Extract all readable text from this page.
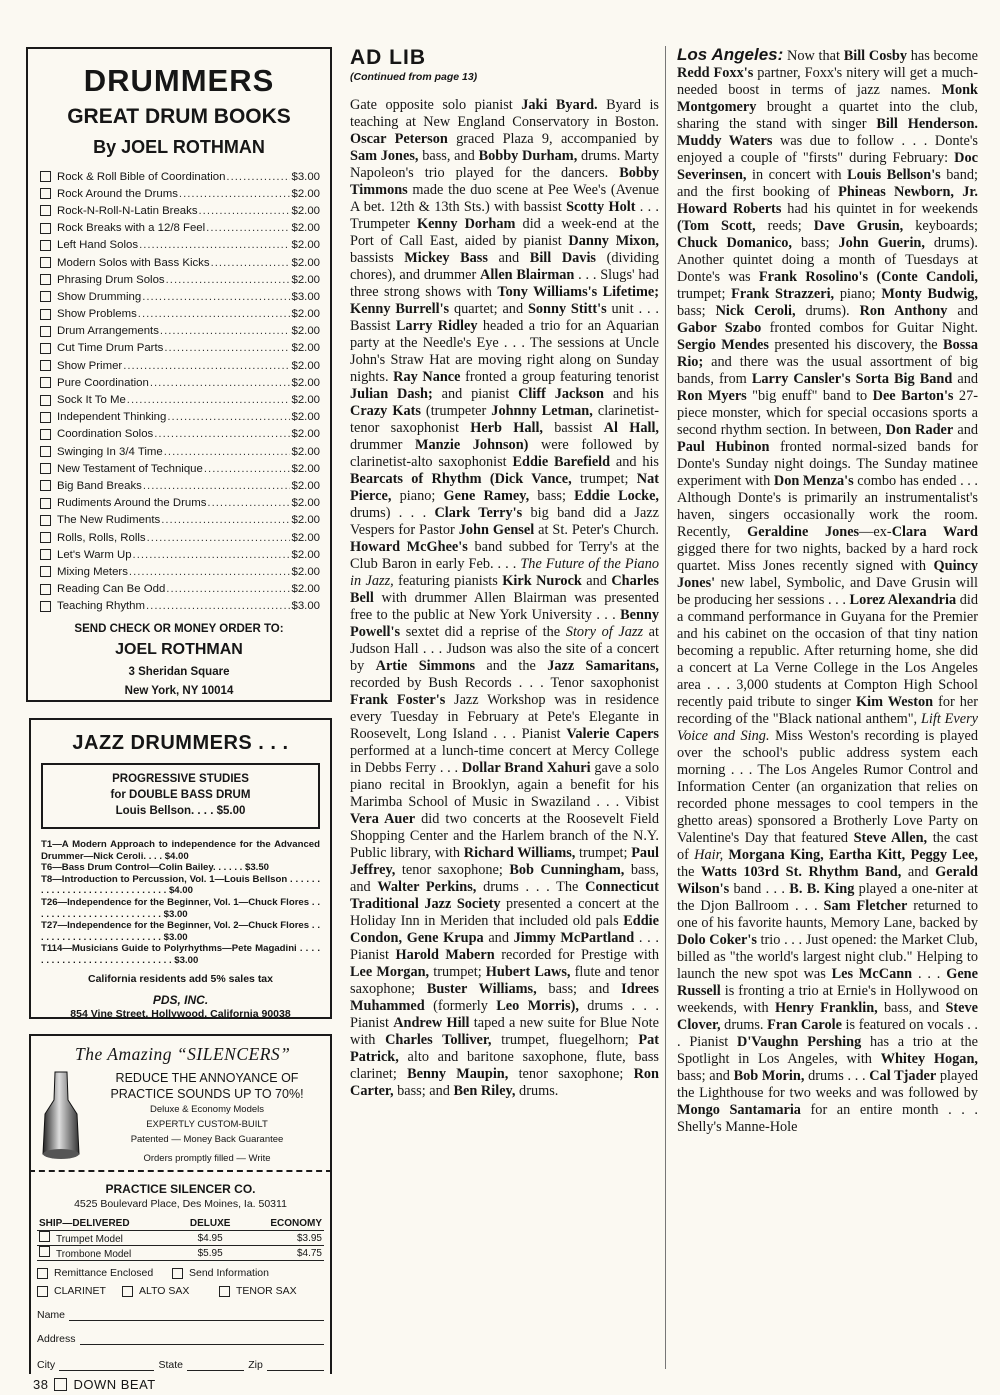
DRUMMERS
GREAT DRUM BOOKS
By JOEL ROTHMAN
Rock & Roll Bible of Coordination .....	$3.00
Rock Around the Drums .....	$2.00
Rock-N-Roll-N-Latin Breaks .....	$2.00
Rock Breaks with a 12/8 Feel .....	$2.00
Left Hand Solos .....	$2.00
Modern Solos with Bass Kicks .....	$2.00
Phrasing Drum Solos .....	$2.00
Show Drumming .....	$3.00
Show Problems .....	$2.00
Drum Arrangements .....	$2.00
Cut Time Drum Parts .....	$2.00
Show Primer .....	$2.00
Pure Coordination .....	$2.00
Sock It To Me .....	$2.00
Independent Thinking .....	$2.00
Coordination Solos .....	$2.00
Swinging In 3/4 Time .....	$2.00
New Testament of Technique .....	$2.00
Big Band Breaks .....	$2.00
Rudiments Around the Drums .....	$2.00
The New Rudiments .....	$2.00
Rolls, Rolls, Rolls .....	$2.00
Let's Warm Up .....	$2.00
Mixing Meters .....	$2.00
Reading Can Be Odd .....	$2.00
Teaching Rhythm .....	$3.00
SEND CHECK OR MONEY ORDER TO:
JOEL ROTHMAN
3 Sheridan Square
New York, NY 10014
JAZZ DRUMMERS . . .
PROGRESSIVE STUDIES
for DOUBLE BASS DRUM
Louis Bellson. . . . $5.00
T1—A Modern Approach to independence for the Advanced Drummer—Nick Ceroli. . . . $4.00
T6—Bass Drum Control—Colin Bailey. . . . . . $3.50
T8—Introduction to Percussion, Vol. 1—Louis Bellson . . . . . . . . . . . . . . . . . . . . . . . . . . . . . . $4.00
T26—Independence for the Beginner, Vol. 1—Chuck Flores . . . . . . . . . . . . . . . . . . . . . . . . . $3.00
T27—Independence for the Beginner, Vol. 2—Chuck Flores . . . . . . . . . . . . . . . . . . . . . . . . . $3.00
T114—Musicians Guide to Polyrhythms—Pete Magadini . . . . . . . . . . . . . . . . . . . . . . . . . . . . . $3.00
California residents add 5% sales tax
PDS, INC.
854 Vine Street, Hollywood, California 90038
The Amazing “SILENCERS”
REDUCE THE ANNOYANCE OF
PRACTICE SOUNDS UP TO 70%!
Deluxe & Economy Models
EXPERTLY CUSTOM-BUILT
Patented — Money Back Guarantee
Orders promptly filled — Write
PRACTICE SILENCER CO.
4525 Boulevard Place, Des Moines, Ia. 50311
SHIP—DELIVERED	DELUXE	ECONOMY
Trumpet Model	$4.95	$3.95
Trombone Model	$5.95	$4.75
Remittance Enclosed	Send Information
CLARINET	ALTO SAX	TENOR SAX
Name
Address
City	State	Zip
AD LIB
(Continued from page 13)
Gate opposite solo pianist Jaki Byard. Byard is teaching at New England Conservatory in Boston. Oscar Peterson graced Plaza 9, accompanied by Sam Jones, bass, and Bobby Durham, drums. Marty Napoleon's trio played for the dancers. Bobby Timmons made the duo scene at Pee Wee's (Avenue A bet. 12th & 13th Sts.) with bassist Scotty Holt . . . Trumpeter Kenny Dorham did a week-end at the Port of Call East, aided by pianist Danny Mixon, bassists Mickey Bass and Bill Davis (dividing chores), and drummer Allen Blairman . . . Slugs' had three strong shows with Tony Williams's Lifetime; Kenny Burrell's quartet; and Sonny Stitt's unit . . . Bassist Larry Ridley headed a trio for an Aquarian party at the Needle's Eye . . . The sessions at Uncle John's Straw Hat are moving right along on Sunday nights. Ray Nance fronted a group featuring tenorist Julian Dash; and pianist Cliff Jackson and his Crazy Kats (trumpeter Johnny Letman, clarinetist-tenor saxophonist Herb Hall, bassist Al Hall, drummer Manzie Johnson) were followed by clarinetist-alto saxophonist Eddie Barefield and his Bearcats of Rhythm (Dick Vance, trumpet; Nat Pierce, piano; Gene Ramey, bass; Eddie Locke, drums) . . . Clark Terry's big band did a Jazz Vespers for Pastor John Gensel at St. Peter's Church. Howard McGhee's band subbed for Terry's at the Club Baron in early Feb. . . . The Future of the Piano in Jazz, featuring pianists Kirk Nurock and Charles Bell with drummer Allen Blairman was presented free to the public at New York University . . . Benny Powell's sextet did a reprise of the Story of Jazz at Judson Hall . . . Judson was also the site of a concert by Artie Simmons and the Jazz Samaritans, recorded by Bush Records . . . Tenor saxophonist Frank Foster's Jazz Workshop was in residence every Tuesday in February at Pete's Elegante in Roosevelt, Long Island . . . Pianist Valerie Capers performed at a lunch-time concert at Mercy College in Debbs Ferry . . . Dollar Brand Xahuri gave a solo piano recital in Brooklyn, again a benefit for his Marimba School of Music in Swaziland . . . Vibist Vera Auer did two concerts at the Roosevelt Field Shopping Center and the Harlem branch of the N.Y. Public library, with Richard Williams, trumpet; Paul Jeffrey, tenor saxophone; Bob Cunningham, bass, and Walter Perkins, drums . . . The Connecticut Traditional Jazz Society presented a concert at the Holiday Inn in Meriden that included old pals Eddie Condon, Gene Krupa and Jimmy McPartland . . . Pianist Harold Mabern recorded for Prestige with Lee Morgan, trumpet; Hubert Laws, flute and tenor saxophone; Buster Williams, bass; and Idrees Muhammed (formerly Leo Morris), drums . . . Pianist Andrew Hill taped a new suite for Blue Note with Charles Tolliver, trumpet, fluegelhorn; Pat Patrick, alto and baritone saxophone, flute, bass clarinet; Benny Maupin, tenor saxophone; Ron Carter, bass; and Ben Riley, drums.
Los Angeles: Now that Bill Cosby has become Redd Foxx's partner, Foxx's nitery will get a much-needed boost in terms of jazz names. Monk Montgomery brought a quartet into the club, sharing the stand with singer Bill Henderson. Muddy Waters was due to follow . . . Donte's enjoyed a couple of "firsts" during February: Doc Severinsen, in concert with Louis Bellson's band; and the first booking of Phineas Newborn, Jr. Howard Roberts had his quintet in for weekends (Tom Scott, reeds; Dave Grusin, keyboards; Chuck Domanico, bass; John Guerin, drums). Another quintet doing a month of Tuesdays at Donte's was Frank Rosolino's (Conte Candoli, trumpet; Frank Strazzeri, piano; Monty Budwig, bass; Nick Ceroli, drums). Ron Anthony and Gabor Szabo fronted combos for Guitar Night. Sergio Mendes presented his discovery, the Bossa Rio; and there was the usual assortment of big bands, from Larry Cansler's Sorta Big Band and Ron Myers "big enuff" band to Dee Barton's 27-piece monster, which for special occasions sports a second rhythm section. In between, Don Rader and Paul Hubinon fronted normal-sized bands for Donte's Sunday night doings. The Sunday matinee experiment with Don Menza's combo has ended . . . Although Donte's is primarily an instrumentalist's haven, singers occasionally work the room. Recently, Geraldine Jones—ex-Clara Ward gigged there for two nights, backed by a hard rock quartet. Miss Jones recently signed with Quincy Jones' new label, Symbolic, and Dave Grusin will be producing her sessions . . . Lorez Alexandria did a command performance in Guyana for the Premier and his cabinet on the occasion of that tiny nation becoming a republic. After returning home, she did a concert at La Verne College in the Los Angeles area . . . 3,000 students at Compton High School recently paid tribute to singer Kim Weston for her recording of the "Black national anthem", Lift Every Voice and Sing. Miss Weston's recording is played over the school's public address system each morning . . . The Los Angeles Rumor Control and Information Center (an organization that relies on recorded phone messages to cool tempers in the ghetto areas) sponsored a Brotherly Love Party on Valentine's Day that featured Steve Allen, the cast of Hair, Morgana King, Eartha Kitt, Peggy Lee, the Watts 103rd St. Rhythm Band, and Gerald Wilson's band . . . B. B. King played a one-niter at the Djon Ballroom . . . Sam Fletcher returned to one of his favorite haunts, Memory Lane, backed by Dolo Coker's trio . . . Just opened: the Market Club, billed as "the world's largest night club." Helping to launch the new spot was Les McCann . . . Gene Russell is fronting a trio at Ernie's in Hollywood on weekends, with Henry Franklin, bass, and Steve Clover, drums. Fran Carole is featured on vocals . . . Pianist D'Vaughn Pershing has a trio at the Spotlight in Los Angeles, with Whitey Hogan, bass; and Bob Morin, drums . . . Cal Tjader played the Lighthouse for two weeks and was followed by Mongo Santamaria for an entire month . . . Shelly's Manne-Hole
38 DOWN BEAT
